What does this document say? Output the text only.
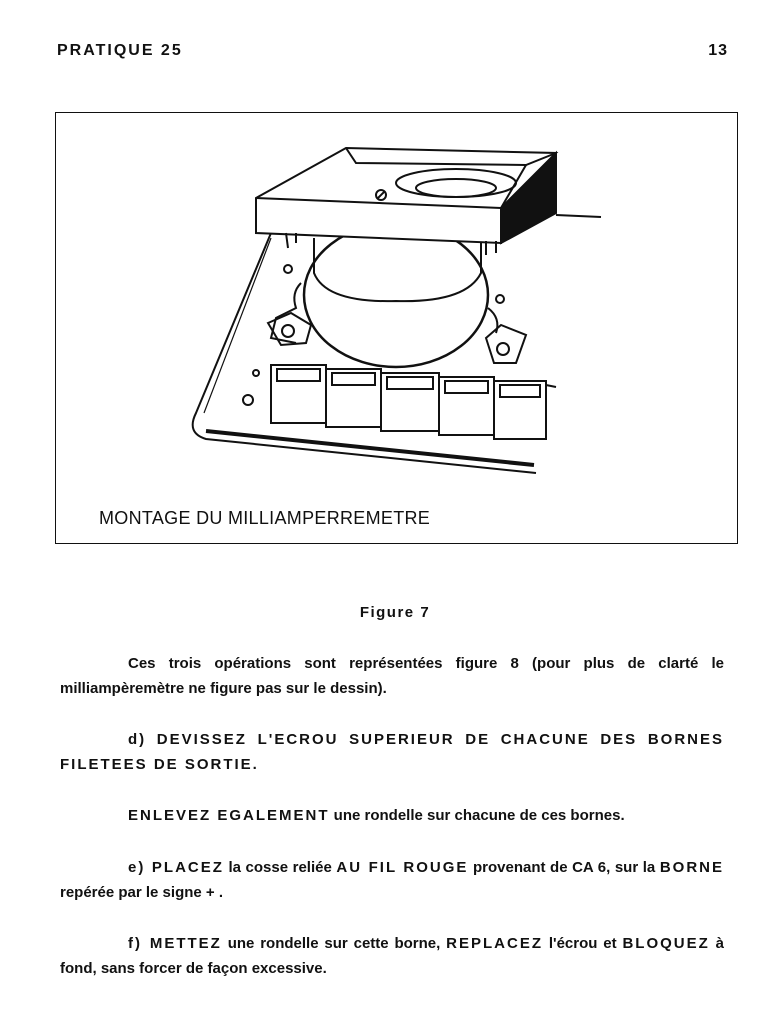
PRATIQUE 25	13
MONTAGE DU MILLIAMPERREMETRE
Figure 7

Ces trois opérations sont représentées figure 8 (pour plus de clarté le milliampèremètre ne figure pas sur le dessin).

d) DEVISSEZ L'ECROU SUPERIEUR DE CHACUNE DES BORNES FILETEES DE SORTIE.

ENLEVEZ EGALEMENT une rondelle sur chacune de ces bornes.

e) PLACEZ la cosse reliée AU FIL ROUGE provenant de CA 6, sur la BORNE repérée par le signe + .

f) METTEZ une rondelle sur cette borne, REPLACEZ l'écrou et BLOQUEZ à fond, sans forcer de façon excessive.
